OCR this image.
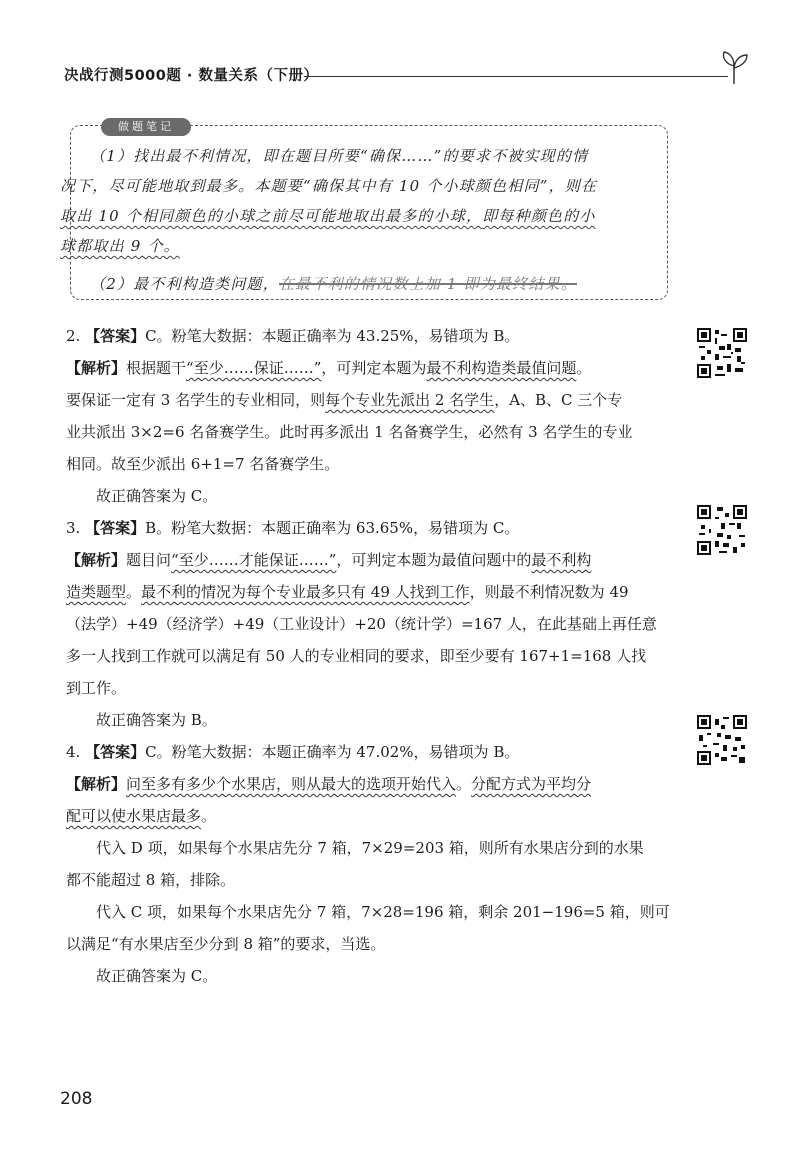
决战行测5000题 · 数量关系（下册）
做题笔记
（1）找出最不利情况，即在题目所要“确保……”的要求不被实现的情
况下，尽可能地取到最多。本题要“确保其中有 10 个小球颜色相同”，则在
取出 10 个相同颜色的小球之前尽可能地取出最多的小球，即每种颜色的小
球都取出 9 个。
（2）最不利构造类问题，在最不利的情况数上加 1 即为最终结果。
2. 【答案】C。粉笔大数据：本题正确率为 43.25%，易错项为 B。
【解析】根据题干“至少……保证……”，可判定本题为最不利构造类最值问题。
要保证一定有 3 名学生的专业相同，则每个专业先派出 2 名学生，A、B、C 三个专
业共派出 3×2=6 名备赛学生。此时再多派出 1 名备赛学生，必然有 3 名学生的专业
相同。故至少派出 6+1=7 名备赛学生。
故正确答案为 C。
3. 【答案】B。粉笔大数据：本题正确率为 63.65%，易错项为 C。
【解析】题目问“至少……才能保证……”，可判定本题为最值问题中的最不利构
造类题型。最不利的情况为每个专业最多只有 49 人找到工作，则最不利情况数为 49
（法学）+49（经济学）+49（工业设计）+20（统计学）=167 人，在此基础上再任意
多一人找到工作就可以满足有 50 人的专业相同的要求，即至少要有 167+1=168 人找
到工作。
故正确答案为 B。
4. 【答案】C。粉笔大数据：本题正确率为 47.02%，易错项为 B。
【解析】问至多有多少个水果店，则从最大的选项开始代入。分配方式为平均分
配可以使水果店最多。
代入 D 项，如果每个水果店先分 7 箱，7×29=203 箱，则所有水果店分到的水果
都不能超过 8 箱，排除。
代入 C 项，如果每个水果店先分 7 箱，7×28=196 箱，剩余 201−196=5 箱，则可
以满足“有水果店至少分到 8 箱”的要求，当选。
故正确答案为 C。
208
